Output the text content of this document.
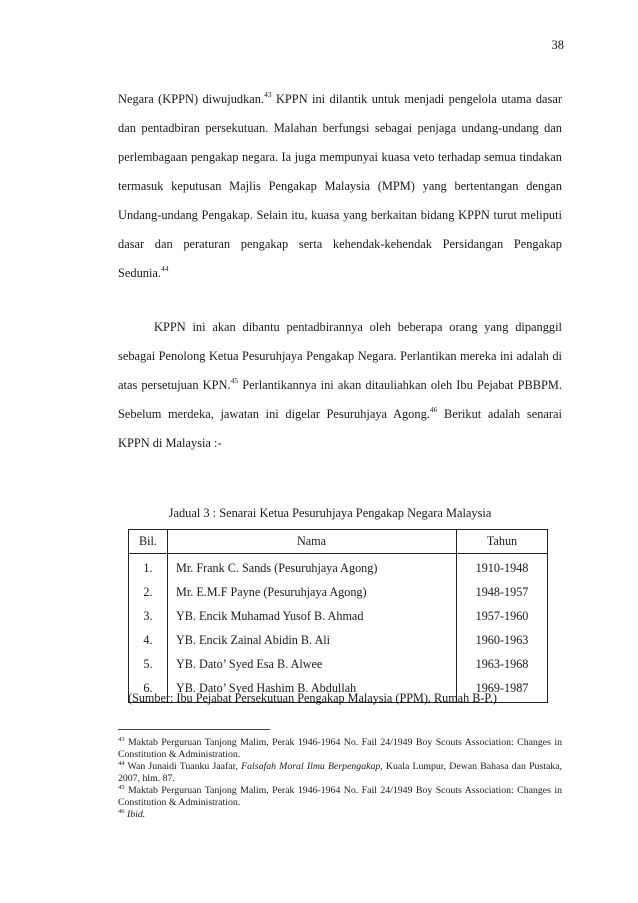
38

Negara (KPPN) diwujudkan.$^{43}$ KPPN ini dilantik untuk menjadi pengelola utama dasar dan pentadbiran persekutuan. Malahan berfungsi sebagai penjaga undang-undang dan perlembagaan pengakap negara. Ia juga mempunyai kuasa veto terhadap semua tindakan termasuk keputusan Majlis Pengakap Malaysia (MPM) yang bertentangan dengan Undang-undang Pengakap. Selain itu, kuasa yang berkaitan bidang KPPN turut meliputi dasar dan peraturan pengakap serta kehendak-kehendak Persidangan Pengakap Sedunia.$^{44}$

KPPN ini akan dibantu pentadbirannya oleh beberapa orang yang dipanggil sebagai Penolong Ketua Pesuruhjaya Pengakap Negara. Perlantikan mereka ini adalah di atas persetujuan KPN.$^{45}$ Perlantikannya ini akan ditauliahkan oleh Ibu Pejabat PBBPM. Sebelum merdeka, jawatan ini digelar Pesuruhjaya Agong.$^{46}$ Berikut adalah senarai KPPN di Malaysia :-

Jadual 3 : Senarai Ketua Pesuruhjaya Pengakap Negara Malaysia
Bil.	Nama	Tahun
1.	Mr. Frank C. Sands (Pesuruhjaya Agong)	1910-1948
2.	Mr. E.M.F Payne (Pesuruhjaya Agong)	1948-1957
3.	YB. Encik Muhamad Yusof B. Ahmad	1957-1960
4.	YB. Encik Zainal Abidin B. Ali	1960-1963
5.	YB. Dato’ Syed Esa B. Alwee	1963-1968
6.	YB. Dato’ Syed Hashim B. Abdullah	1969-1987
(Sumber: Ibu Pejabat Persekutuan Pengakap Malaysia (PPM), Rumah B-P.)

$^{43}$ Maktab Perguruan Tanjong Malim, Perak 1946-1964 No. Fail 24/1949 Boy Scouts Association: Changes in Constitution & Administration.

$^{44}$ Wan Junaidi Tuanku Jaafar, Falsafah Moral Ilmu Berpengakap, Kuala Lumpur, Dewan Bahasa dan Pustaka, 2007, hlm. 87.

$^{45}$ Maktab Perguruan Tanjong Malim, Perak 1946-1964 No. Fail 24/1949 Boy Scouts Association: Changes in Constitution & Administration.

$^{46}$ Ibid.
